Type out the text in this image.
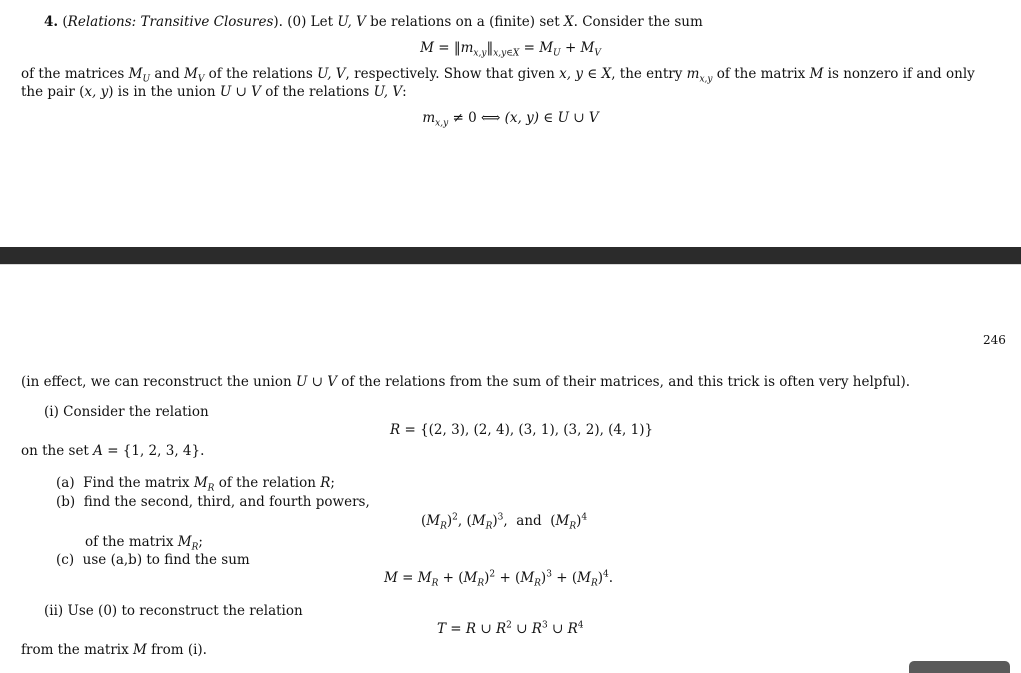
4. (Relations: Transitive Closures). (0) Let U, V be relations on a (finite) set X. Consider the sum
$M = ‖m_{x,y}‖_{x,y\in X} = M_U + M_V$
of the matrices $M_U$ and $M_V$ of the relations U, V, respectively. Show that given x, y ∈ X, the entry $m_{x,y}$ of the matrix M is nonzero if and only
the pair (x, y) is in the union U ∪ V of the relations U, V:
$m_{x,y} \ne 0$ ⟺ (x, y) ∈ U ∪ V
246
(in effect, we can reconstruct the union U ∪ V of the relations from the sum of their matrices, and this trick is often very helpful).
(i) Consider the relation
R = {(2, 3), (2, 4), (3, 1), (3, 2), (4, 1)}
on the set A = {1, 2, 3, 4}.
(a)  Find the matrix $M_R$ of the relation R;
(b)  find the second, third, and fourth powers,
$(M_R)^2$, $(M_R)^3$,  and  $(M_R)^4$
of the matrix $M_R$;
(c)  use (a,b) to find the sum
$M = M_R + (M_R)^2 + (M_R)^3 + (M_R)^4$.
(ii) Use (0) to reconstruct the relation
T = R ∪ $R^2$ ∪ $R^3$ ∪ $R^4$
from the matrix M from (i).
